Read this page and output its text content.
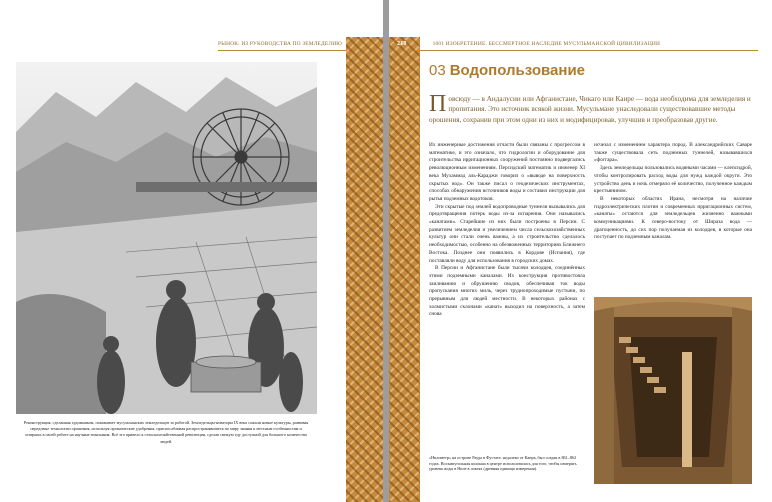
РЫНОК: ИЗ РУКОВОДСТВА ПО ЗЕМЛЕДЕЛИЮ
Реконструкция, сделанная художником, показывает мусульманских земледельцев за работой. Земледельцы-новаторы IX века сажали новые культуры, развивая передовые технологии орошения, используя органические удобрения, приспосабливая распространявшиеся по миру знания к местным особенностям и опираясь в своей работе на научные изыскания. Всё это привело к сельскохозяйственной революции, сделав свежую еду доступной для большего количества людей.
218	1001 ИЗОБРЕТЕНИЕ. БЕССМЕРТНОЕ НАСЛЕДИЕ МУСУЛЬМАНСКОЙ ЦИВИЛИЗАЦИИ
03 Водопользование
П овсюду — в Андалусии или Афганистане, Чикаго или Каире — вода необходима для земледелия и пропитания. Это источник всякой жизни. Мусульмане унаследовали существовавшие методы орошения, сохранив при этом одни из них и модифицировав, улучшив и преобразовав другие.

Их инженерные достижения отчасти были связаны с прогрессом в математике, и это означало, что гидрологии и оборудование для строительства ирригационных сооружений постоянно подвергались революционным изменениям. Персидский математик и инженер XI века Мухаммад аль-Караджи говорил о «выводе на поверхность скрытых вод». Он также писал о геодезических инструментах, способах обнаружения источников воды и составил инструкции для рытья подземных водотоков.

Эти скрытые под землей водопроводные туннели вызывались для предотвращения потерь воды из-за испарения. Они назывались «канатами». Старейшие из них были построены в Персии. С развитием земледелия и увеличением числа сельскохозяйственных культур они стали очень важны, а их строительство сделалось необходимостью, особенно на обезвоженных территориях Ближнего Востока. Позднее они появились в Кордове (Испания), где поставляли воду для использования в городских домах.

В Персии и Афганистане были тысячи колодцев, соединённых этими подземными каналами. Их конструкция противостояла заиливанию и обрушению сводов, обеспечивая ток воды пропускания многих миль, через труднопроходимые пустыни, по прерывным для людей местности. В некоторых районах с холмистыми склонами «канат» выходил на поверхность, а затем снова

«Нилометр» на острове Рауда в Фустате, недалеко от Каира, был создан в 861–862 годах. Восьмиугольная колонна в центре использовалась для того, чтобы измерять уровень воды в Ниле в локтях (древняя единица измерения).

исчезал с изменением характера пород. В александрийских Саваре также существовала сеть подземных туннелей, называвшихся «фоггара».

Здесь земледельцы пользовались водяными часами — клепсидрой, чтобы контролировать расход воды для нужд каждой округи. Это устройство день и ночь отмеряло её количество, полученное каждым крестьянином.

В некоторых областях Ирана, несмотря на наличие гидроэлектрических плотин и современных ирригационных систем, «канаты» остаются для земледельцев жизненно важными коммуникациями. К северо-востоку от Шираза вода — драгоценность, до сих пор получаемая из колодцев, в которые она поступает по подземным каналам.
